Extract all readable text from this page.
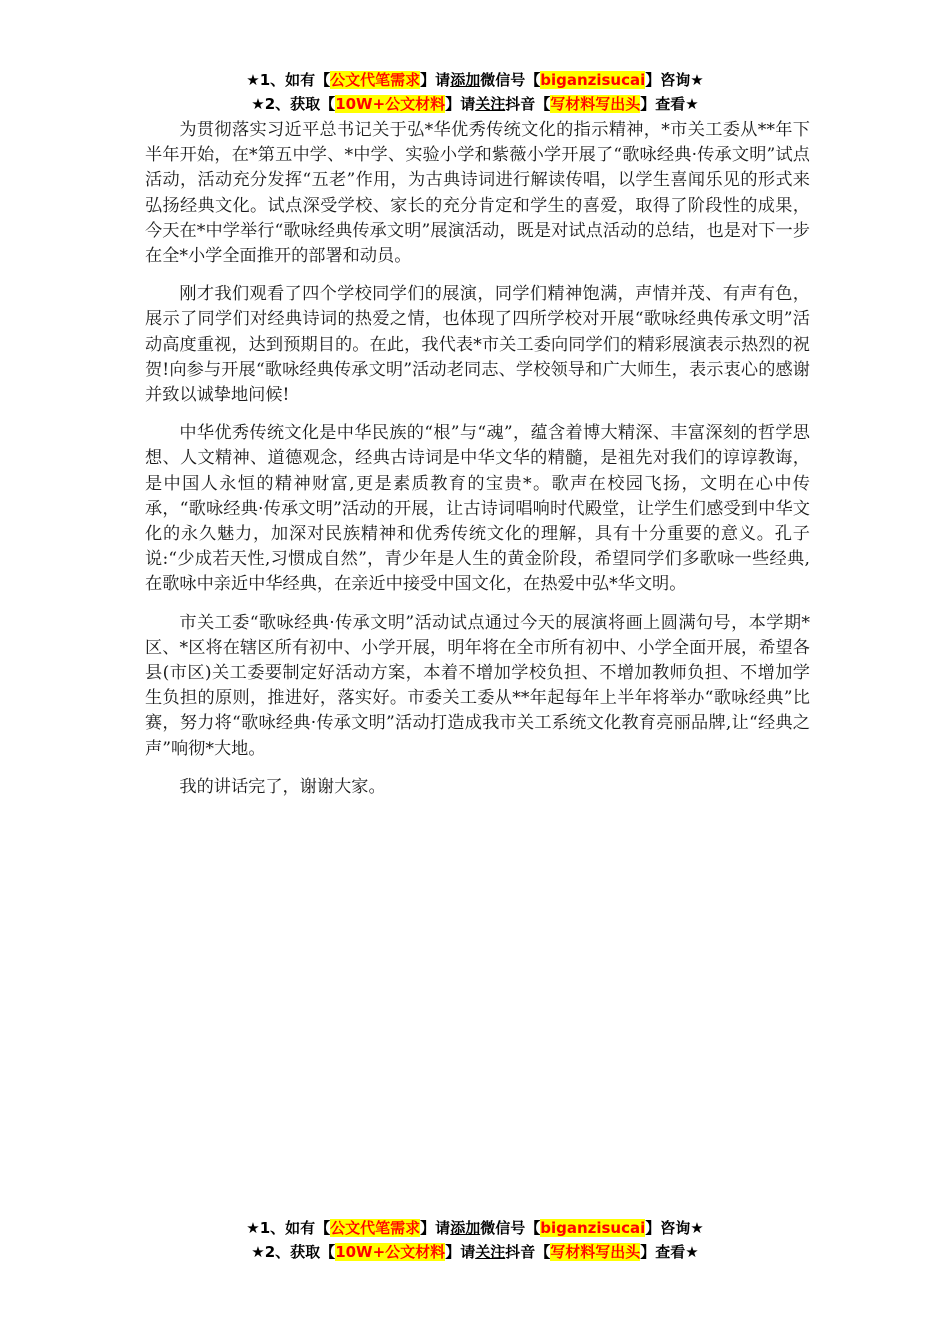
★1、如有【公文代笔需求】请添加微信号【biganzisucai】咨询★
★2、获取【10W+公文材料】请关注抖音【写材料写出头】查看★

为贯彻落实习近平总书记关于弘*华优秀传统文化的指示精神，*市关工委从**年下半年开始，在*第五中学、*中学、实验小学和紫薇小学开展了“歌咏经典·传承文明”试点活动，活动充分发挥“五老”作用，为古典诗词进行解读传唱，以学生喜闻乐见的形式来弘扬经典文化。试点深受学校、家长的充分肯定和学生的喜爱，取得了阶段性的成果，今天在*中学举行“歌咏经典传承文明”展演活动，既是对试点活动的总结，也是对下一步在全*小学全面推开的部署和动员。

刚才我们观看了四个学校同学们的展演，同学们精神饱满，声情并茂、有声有色，展示了同学们对经典诗词的热爱之情，也体现了四所学校对开展“歌咏经典传承文明”活动高度重视，达到预期目的。在此，我代表*市关工委向同学们的精彩展演表示热烈的祝贺!向参与开展“歌咏经典传承文明”活动老同志、学校领导和广大师生，表示衷心的感谢并致以诚挚地问候!

中华优秀传统文化是中华民族的“根”与“魂”，蕴含着博大精深、丰富深刻的哲学思想、人文精神、道德观念，经典古诗词是中华文华的精髓，是祖先对我们的谆谆教诲，是中国人永恒的精神财富,更是素质教育的宝贵*。歌声在校园飞扬，文明在心中传承，“歌咏经典·传承文明”活动的开展，让古诗词唱响时代殿堂，让学生们感受到中华文化的永久魅力，加深对民族精神和优秀传统文化的理解，具有十分重要的意义。孔子说:“少成若天性,习惯成自然”，青少年是人生的黄金阶段，希望同学们多歌咏一些经典,在歌咏中亲近中华经典，在亲近中接受中国文化，在热爱中弘*华文明。

市关工委“歌咏经典·传承文明”活动试点通过今天的展演将画上圆满句号，本学期*区、*区将在辖区所有初中、小学开展，明年将在全市所有初中、小学全面开展，希望各县(市区)关工委要制定好活动方案，本着不增加学校负担、不增加教师负担、不增加学生负担的原则，推进好，落实好。市委关工委从**年起每年上半年将举办“歌咏经典”比赛，努力将“歌咏经典·传承文明”活动打造成我市关工系统文化教育亮丽品牌,让“经典之声”响彻*大地。

我的讲话完了，谢谢大家。

★1、如有【公文代笔需求】请添加微信号【biganzisucai】咨询★
★2、获取【10W+公文材料】请关注抖音【写材料写出头】查看★
